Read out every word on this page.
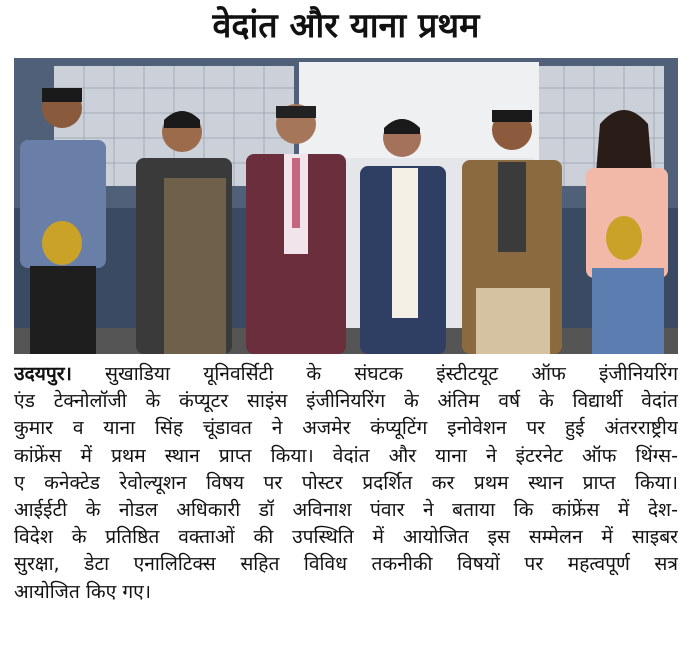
वेदांत और याना प्रथम
उदयपुर। सुखाडिया यूनिवर्सिटी के संघटक इंस्टीटयूट ऑफ इंजीनियरिंग
एंड टेक्नोलॉजी के कंप्यूटर साइंस इंजीनियरिंग के अंतिम वर्ष के विद्यार्थी वेदांत
कुमार व याना सिंह चूंडावत ने अजमेर कंप्यूटिंग इनोवेशन पर हुई अंतरराष्ट्रीय
कांफ्रेंस में प्रथम स्थान प्राप्त किया। वेदांत और याना ने इंटरनेट ऑफ थिंग्स-
ए कनेक्टेड रेवोल्यूशन विषय पर पोस्टर प्रदर्शित कर प्रथम स्थान प्राप्त किया।
आईईटी के नोडल अधिकारी डॉ अविनाश पंवार ने बताया कि कांफ्रेंस में देश-
विदेश के प्रतिष्ठित वक्ताओं की उपस्थिति में आयोजित इस सम्मेलन में साइबर
सुरक्षा, डेटा एनालिटिक्स सहित विविध तकनीकी विषयों पर महत्वपूर्ण सत्र
आयोजित किए गए।
